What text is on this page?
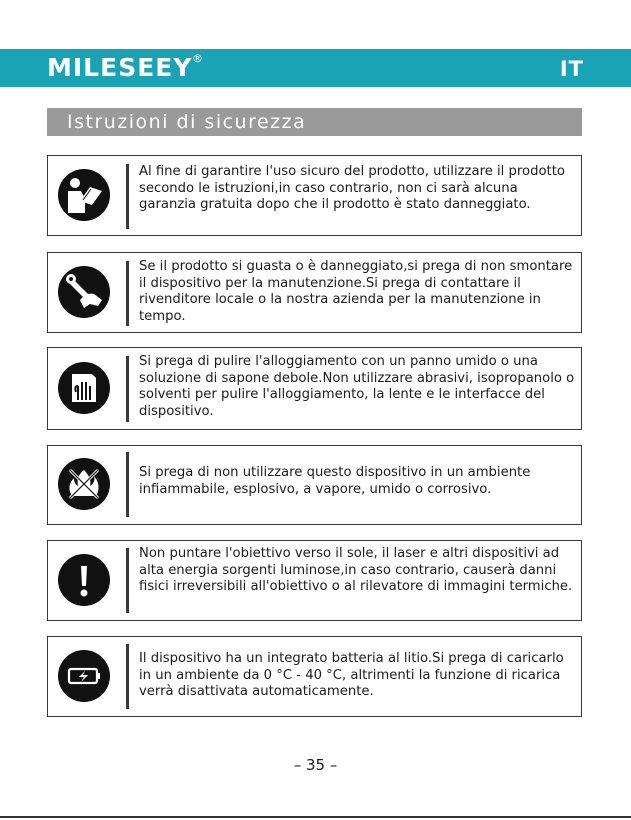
MILESEEY ®	IT
Istruzioni di sicurezza
Al fine di garantire l'uso sicuro del prodotto, utilizzare il prodotto secondo le istruzioni,in caso contrario, non ci sarà alcuna garanzia gratuita dopo che il prodotto è stato danneggiato.
Se il prodotto si guasta o è danneggiato,si prega di non smontare il dispositivo per la manutenzione.Si prega di contattare il rivenditore locale o la nostra azienda per la manutenzione in tempo.
Si prega di pulire l'alloggiamento con un panno umido o una soluzione di sapone debole.Non utilizzare abrasivi, isopropanolo o solventi per pulire l'alloggiamento, la lente e le interfacce del dispositivo.
Si prega di non utilizzare questo dispositivo in un ambiente infiammabile, esplosivo, a vapore, umido o corrosivo.
Non puntare l'obiettivo verso il sole, il laser e altri dispositivi ad alta energia sorgenti luminose,in caso contrario, causerà danni fisici irreversibili all'obiettivo o al rilevatore di immagini termiche.
Il dispositivo ha un integrato batteria al litio.Si prega di caricarlo in un ambiente da 0 °C - 40 °C, altrimenti la funzione di ricarica verrà disattivata automaticamente.
– 35 –
